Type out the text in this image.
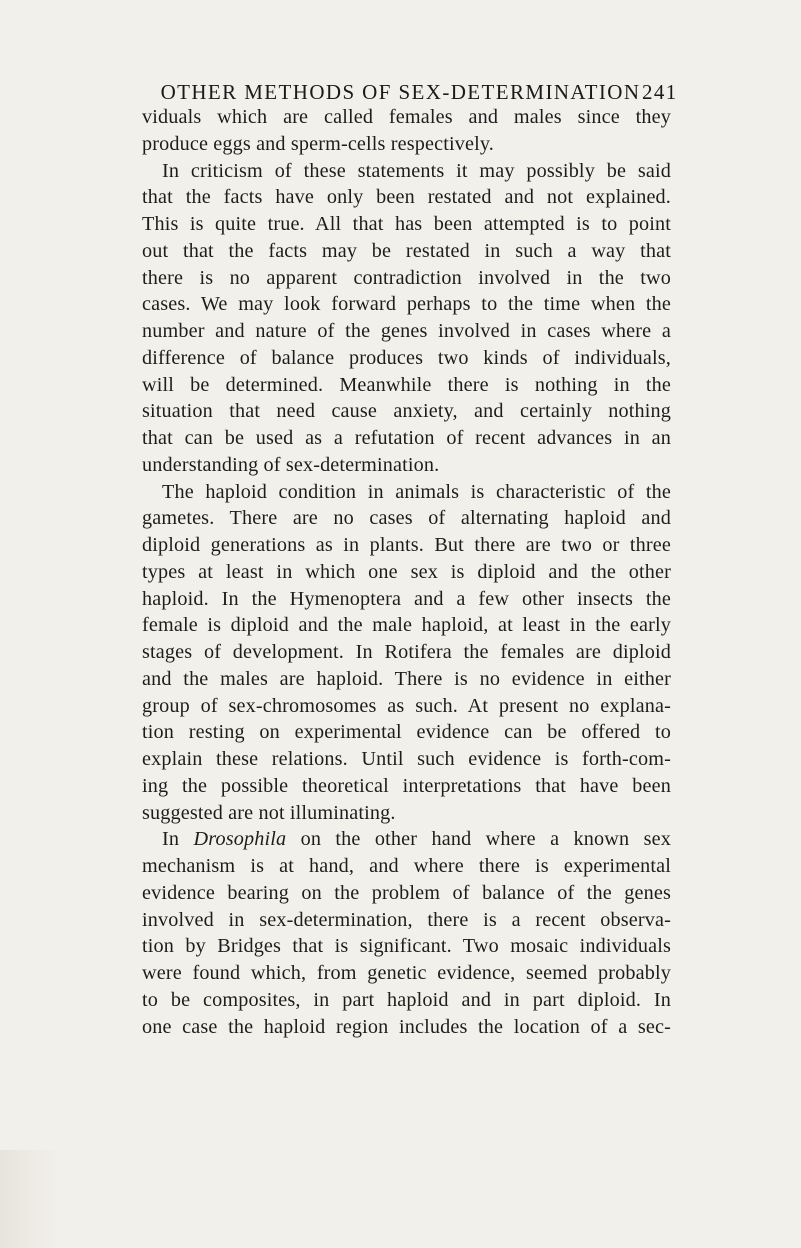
OTHER METHODS OF SEX-DETERMINATION 241
viduals which are called females and males since they
produce eggs and sperm-cells respectively.
In criticism of these statements it may possibly be said
that the facts have only been restated and not explained.
This is quite true. All that has been attempted is to point
out that the facts may be restated in such a way that
there is no apparent contradiction involved in the two
cases. We may look forward perhaps to the time when the
number and nature of the genes involved in cases where a
difference of balance produces two kinds of individuals,
will be determined. Meanwhile there is nothing in the
situation that need cause anxiety, and certainly nothing
that can be used as a refutation of recent advances in an
understanding of sex-determination.
The haploid condition in animals is characteristic of the
gametes. There are no cases of alternating haploid and
diploid generations as in plants. But there are two or three
types at least in which one sex is diploid and the other
haploid. In the Hymenoptera and a few other insects the
female is diploid and the male haploid, at least in the early
stages of development. In Rotifera the females are diploid
and the males are haploid. There is no evidence in either
group of sex-chromosomes as such. At present no explana-
tion resting on experimental evidence can be offered to
explain these relations. Until such evidence is forth-com-
ing the possible theoretical interpretations that have been
suggested are not illuminating.
In Drosophila on the other hand where a known sex
mechanism is at hand, and where there is experimental
evidence bearing on the problem of balance of the genes
involved in sex-determination, there is a recent observa-
tion by Bridges that is significant. Two mosaic individuals
were found which, from genetic evidence, seemed probably
to be composites, in part haploid and in part diploid. In
one case the haploid region includes the location of a sec-
